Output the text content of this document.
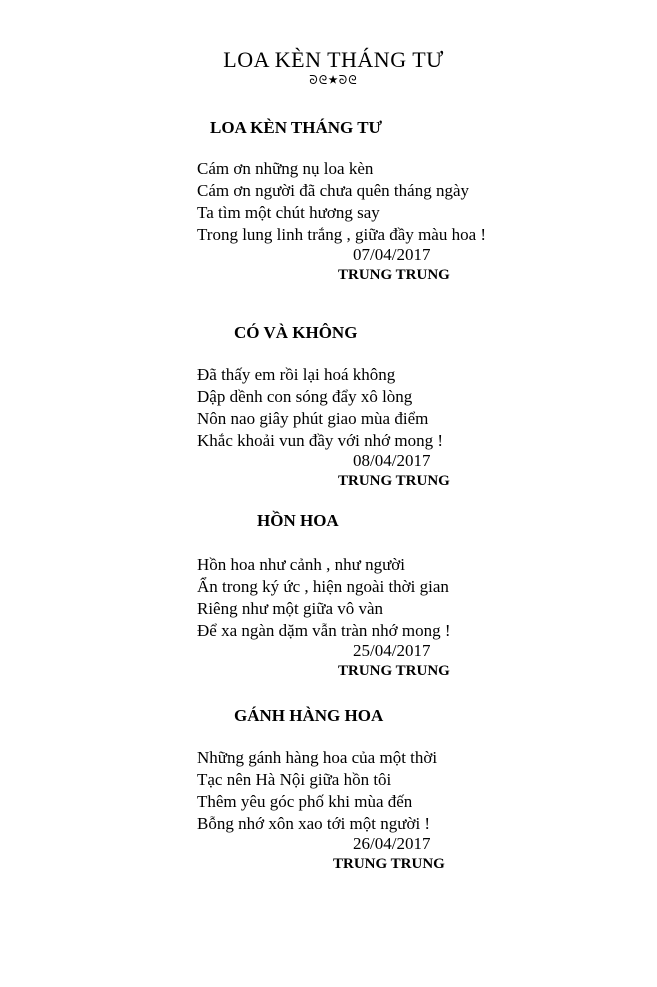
LOA KÈN THÁNG TƯ
ᘐᘓ★ᘐᘓ
LOA KÈN THÁNG TƯ
Cám ơn những nụ loa kèn
Cám ơn người đã chưa quên tháng ngày
Ta tìm một chút hương say
Trong lung linh trắng , giữa đầy màu hoa !
07/04/2017
TRUNG TRUNG
CÓ VÀ KHÔNG
Đã thấy em rồi lại hoá không
Dập dềnh con sóng đẩy xô lòng
Nôn nao giây phút giao mùa điểm
Khắc khoải vun đầy với nhớ mong !
08/04/2017
TRUNG TRUNG
HỒN HOA
Hồn hoa như cảnh , như người
Ẩn trong ký ức , hiện ngoài thời gian
Riêng như một giữa vô vàn
Để xa ngàn dặm vẫn tràn nhớ mong !
25/04/2017
TRUNG TRUNG
GÁNH HÀNG HOA
Những gánh hàng hoa của một thời
Tạc nên Hà Nội giữa hồn tôi
Thêm yêu góc phố khi mùa đến
Bỗng nhớ xôn xao tới một người !
26/04/2017
TRUNG TRUNG
